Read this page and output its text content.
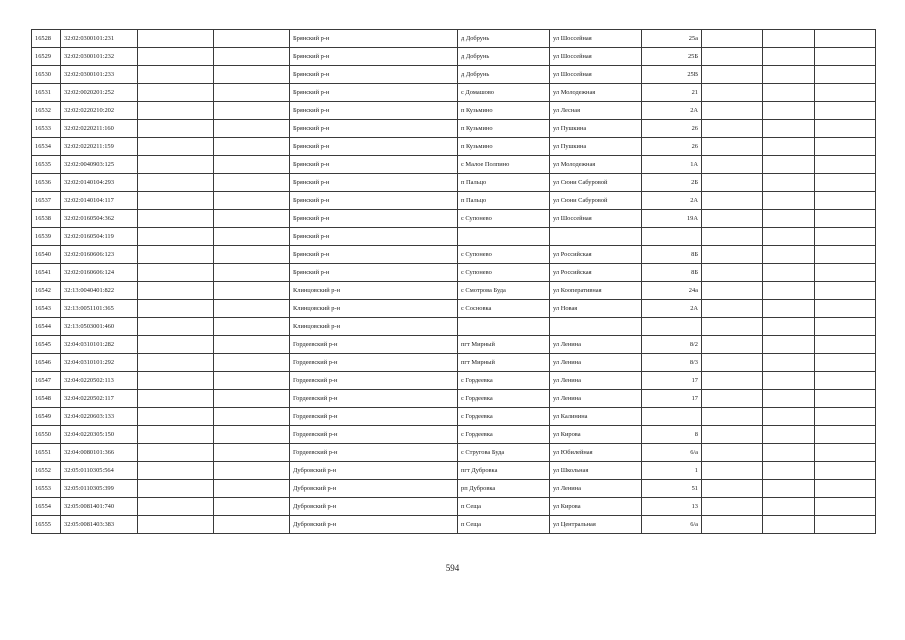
16528	32:02:0300101:231			Брянский р-н	д Добрунь	ул Шоссейная	25а			
16529	32:02:0300101:232			Брянский р-н	д Добрунь	ул Шоссейная	25Б			
16530	32:02:0300101:233			Брянский р-н	д Добрунь	ул Шоссейная	25В			
16531	32:02:0020201:252			Брянский р-н	с Домашово	ул Молодежная	21			
16532	32:02:0220210:202			Брянский р-н	п Кузьмино	ул Лесная	2А			
16533	32:02:0220211:160			Брянский р-н	п Кузьмино	ул Пушкина	26			
16534	32:02:0220211:159			Брянский р-н	п Кузьмино	ул Пушкина	26			
16535	32:02:0040903:125			Брянский р-н	с Малое Полпино	ул Молодежная	1А			
16536	32:02:0140104:293			Брянский р-н	п Пальцо	ул Сюни Сабуровой	2Б			
16537	32:02:0140104:117			Брянский р-н	п Пальцо	ул Сюни Сабуровой	2А			
16538	32:02:0160504:362			Брянский р-н	с Супонево	ул Шоссейная	19А			
16539	32:02:0160504:119			Брянский р-н						
16540	32:02:0160606:123			Брянский р-н	с Супонево	ул Российская	8Б			
16541	32:02:0160606:124			Брянский р-н	с Супонево	ул Российская	8Б			
16542	32:13:0040401:822			Клинцовский р-н	с Смотрова Буда	ул Кооперативная	24а			
16543	32:13:0051101:365			Клинцовский р-н	с Сосновка	ул Новая	2А			
16544	32:13:0503001:460			Клинцовский р-н						
16545	32:04:0310101:282			Гордеевский р-н	пгт Мирный	ул Ленина	8/2			
16546	32:04:0310101:292			Гордеевский р-н	пгт Мирный	ул Ленина	8/3			
16547	32:04:0220502:113			Гордеевский р-н	с Гордеевка	ул Ленина	17			
16548	32:04:0220502:117			Гордеевский р-н	с Гордеевка	ул Ленина	17			
16549	32:04:0220603:133			Гордеевский р-н	с Гордеевка	ул Калинина				
16550	32:04:0220305:150			Гордеевский р-н	с Гордеевка	ул Кирова	8			
16551	32:04:0080101:366			Гордеевский р-н	с Стругова Буда	ул Юбилейная	6/а			
16552	32:05:0110305:564			Дубровский р-н	пгт Дубровка	ул Школьная	1			
16553	32:05:0110305:399			Дубровский р-н	рп Дубровка	ул Ленина	51			
16554	32:05:0081401:740			Дубровский р-н	п Сеща	ул Кирова	13			
16555	32:05:0081403:383			Дубровский р-н	п Сеща	ул Центральная	6/а			
594
